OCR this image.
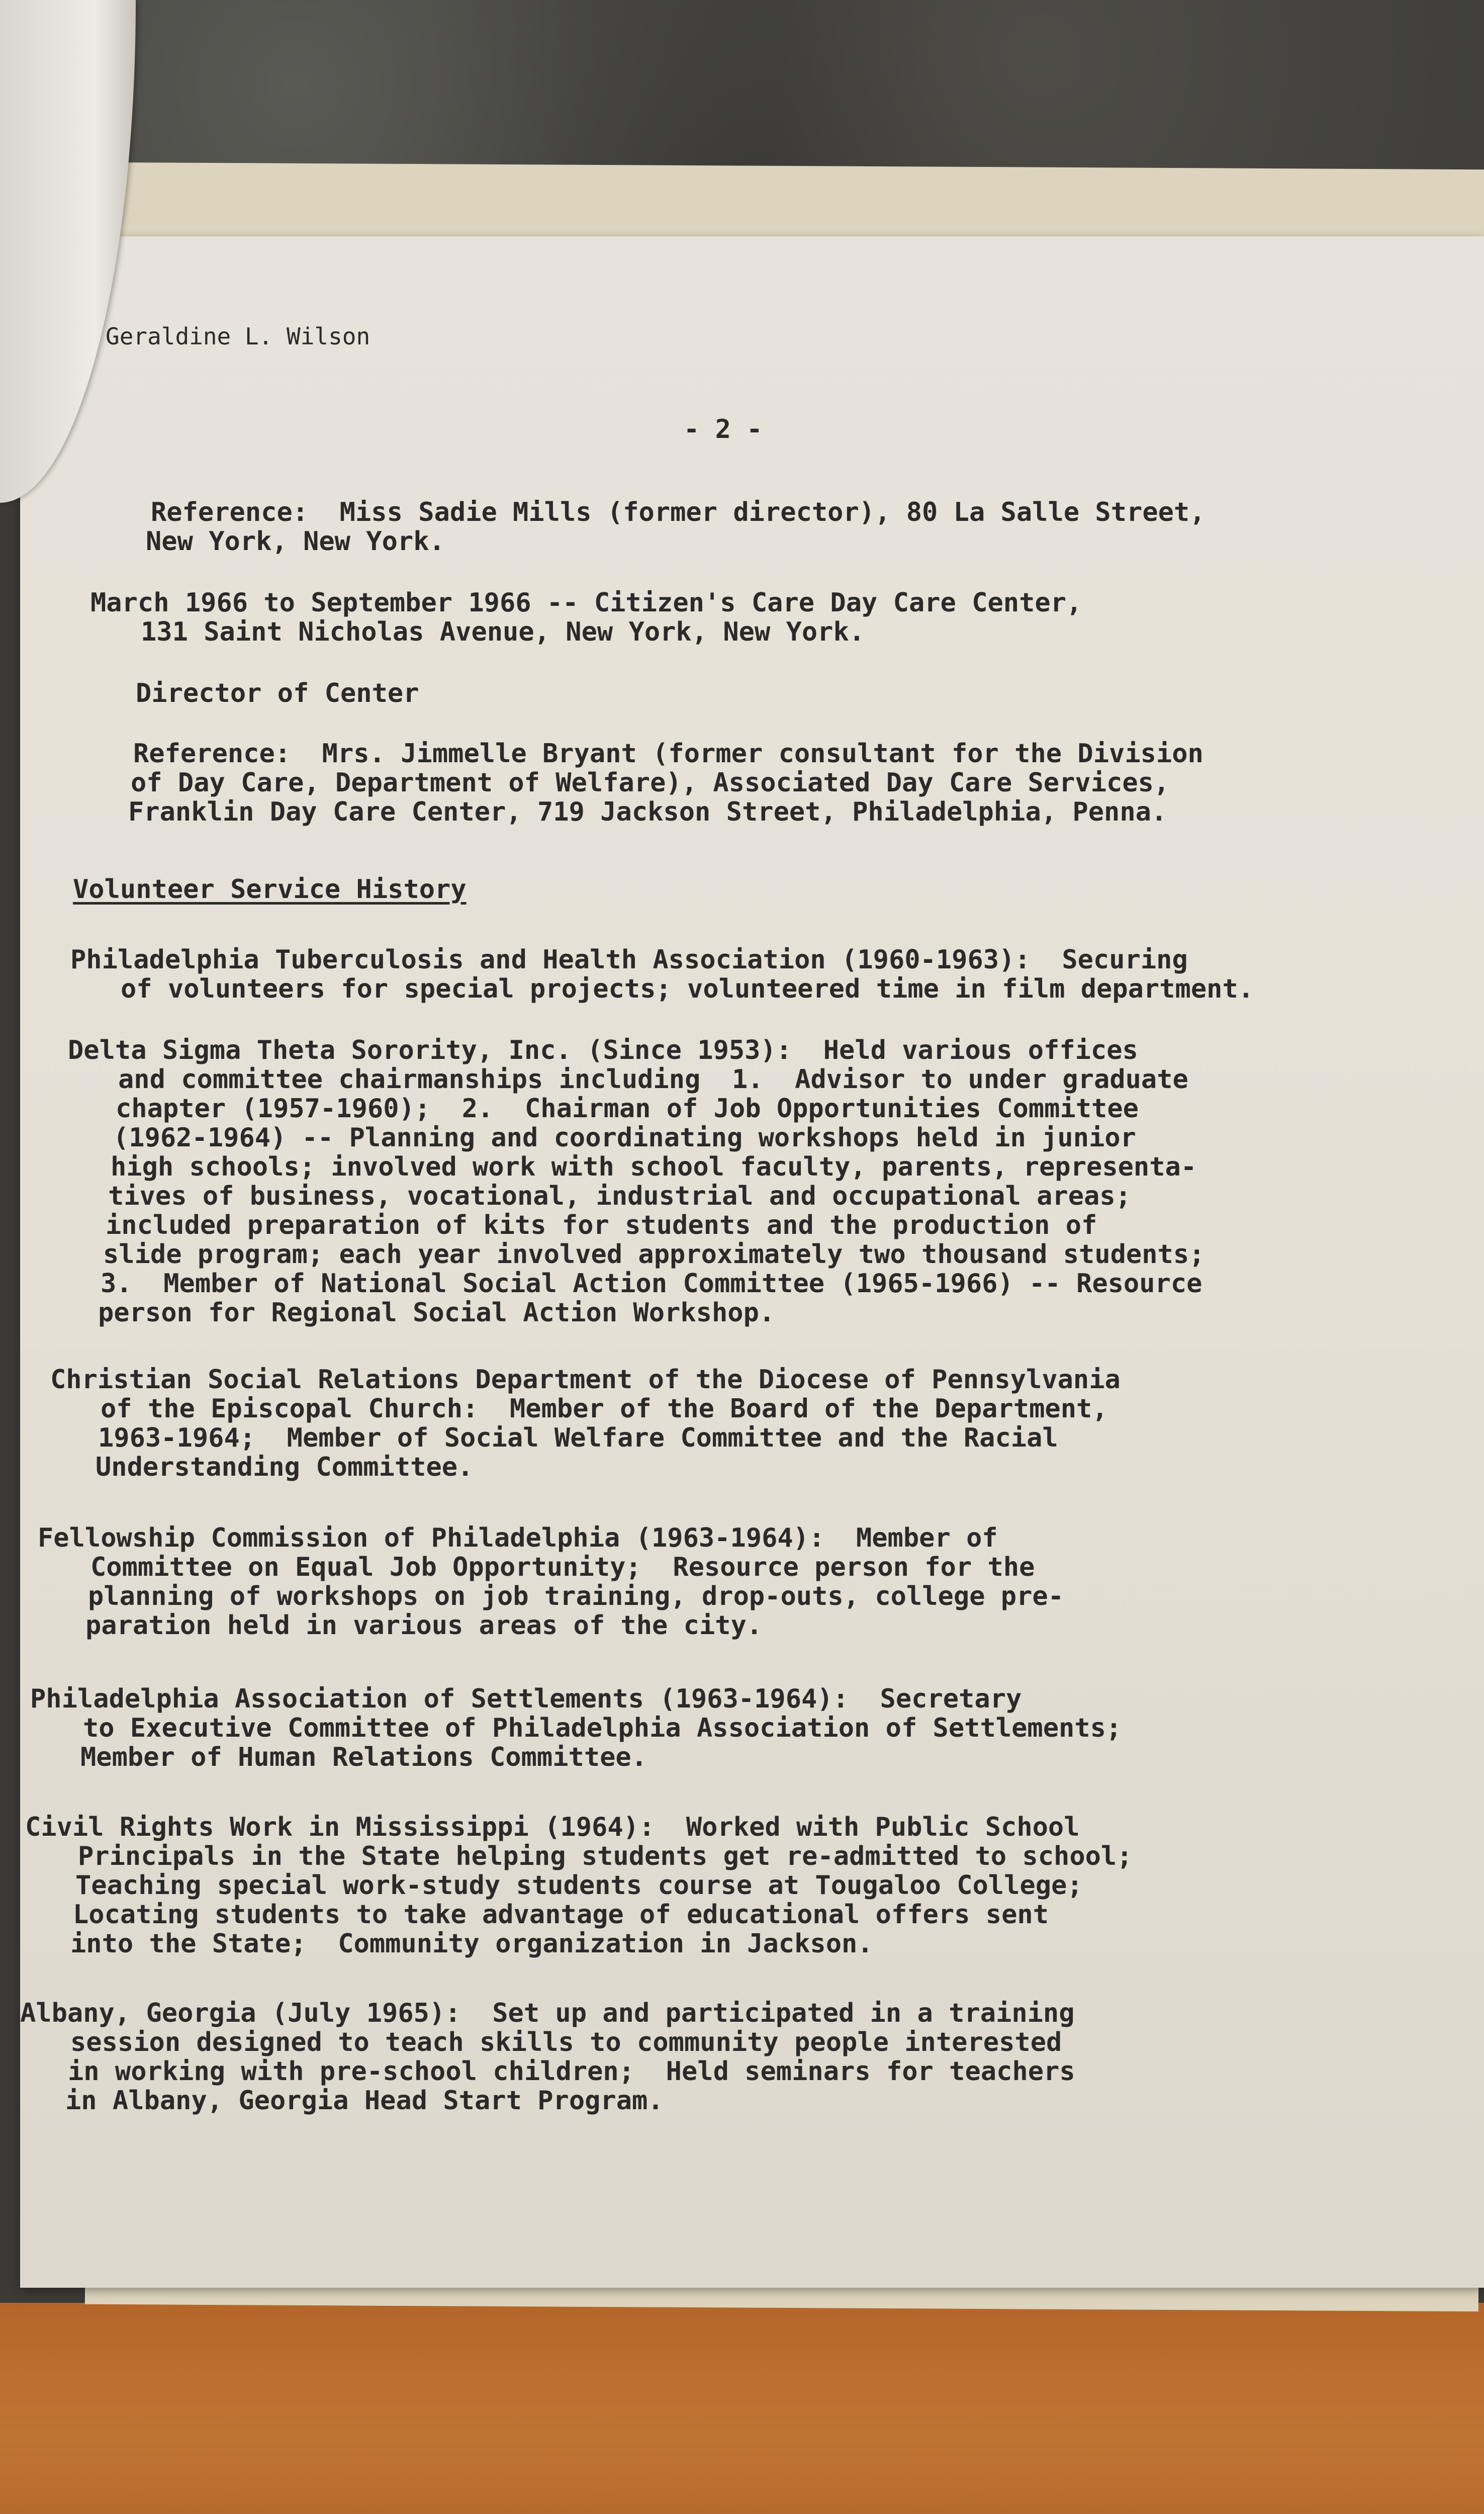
Geraldine L. Wilson
- 2 -
Reference:  Miss Sadie Mills (former director), 80 La Salle Street,
New York, New York.
March 1966 to September 1966 -- Citizen's Care Day Care Center,
131 Saint Nicholas Avenue, New York, New York.
Director of Center
Reference:  Mrs. Jimmelle Bryant (former consultant for the Division
of Day Care, Department of Welfare), Associated Day Care Services,
Franklin Day Care Center, 719 Jackson Street, Philadelphia, Penna.
Volunteer Service History
Philadelphia Tuberculosis and Health Association (1960-1963):  Securing
of volunteers for special projects; volunteered time in film department.
Delta Sigma Theta Sorority, Inc. (Since 1953):  Held various offices
and committee chairmanships including  1.  Advisor to under graduate
chapter (1957-1960);  2.  Chairman of Job Opportunities Committee
(1962-1964) -- Planning and coordinating workshops held in junior
high schools; involved work with school faculty, parents, representa-
tives of business, vocational, industrial and occupational areas;
included preparation of kits for students and the production of
slide program; each year involved approximately two thousand students;
3.  Member of National Social Action Committee (1965-1966) -- Resource
person for Regional Social Action Workshop.
Christian Social Relations Department of the Diocese of Pennsylvania
of the Episcopal Church:  Member of the Board of the Department,
1963-1964;  Member of Social Welfare Committee and the Racial
Understanding Committee.
Fellowship Commission of Philadelphia (1963-1964):  Member of
Committee on Equal Job Opportunity;  Resource person for the
planning of workshops on job training, drop-outs, college pre-
paration held in various areas of the city.
Philadelphia Association of Settlements (1963-1964):  Secretary
to Executive Committee of Philadelphia Association of Settlements;
Member of Human Relations Committee.
Civil Rights Work in Mississippi (1964):  Worked with Public School
Principals in the State helping students get re-admitted to school;
Teaching special work-study students course at Tougaloo College;
Locating students to take advantage of educational offers sent
into the State;  Community organization in Jackson.
Albany, Georgia (July 1965):  Set up and participated in a training
session designed to teach skills to community people interested
in working with pre-school children;  Held seminars for teachers
in Albany, Georgia Head Start Program.
